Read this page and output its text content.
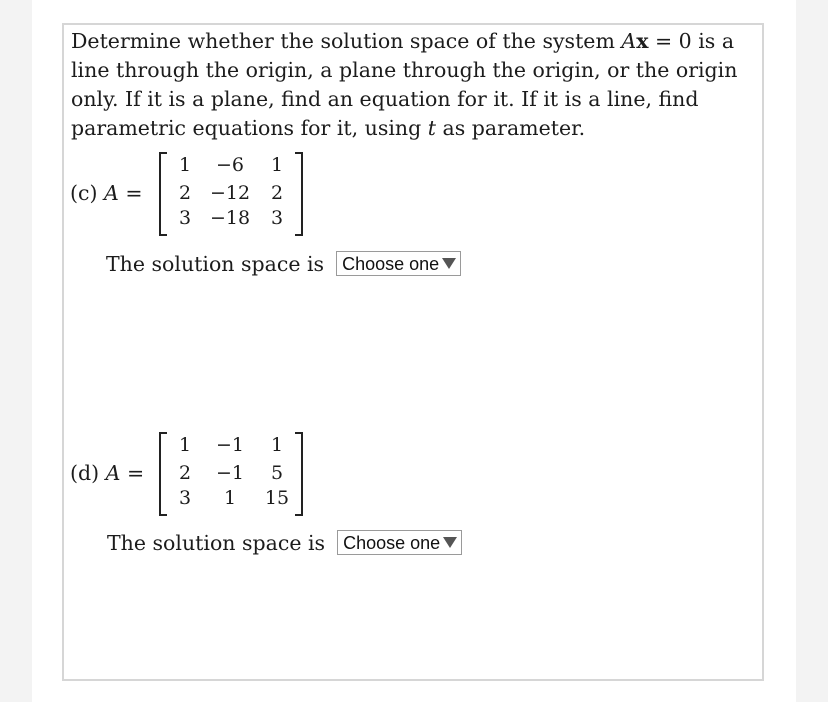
Determine whether the solution space of the system Ax = 0 is a line through the origin, a plane through the origin, or the origin only. If it is a plane, find an equation for it. If it is a line, find parametric equations for it, using t as parameter.

(c) A =
1	−6	1
2 −12	2
3 −18	3
The solution space is Choose one
(d) A =
1	−1	1
2	−1	5
3	1	15
The solution space is Choose one
